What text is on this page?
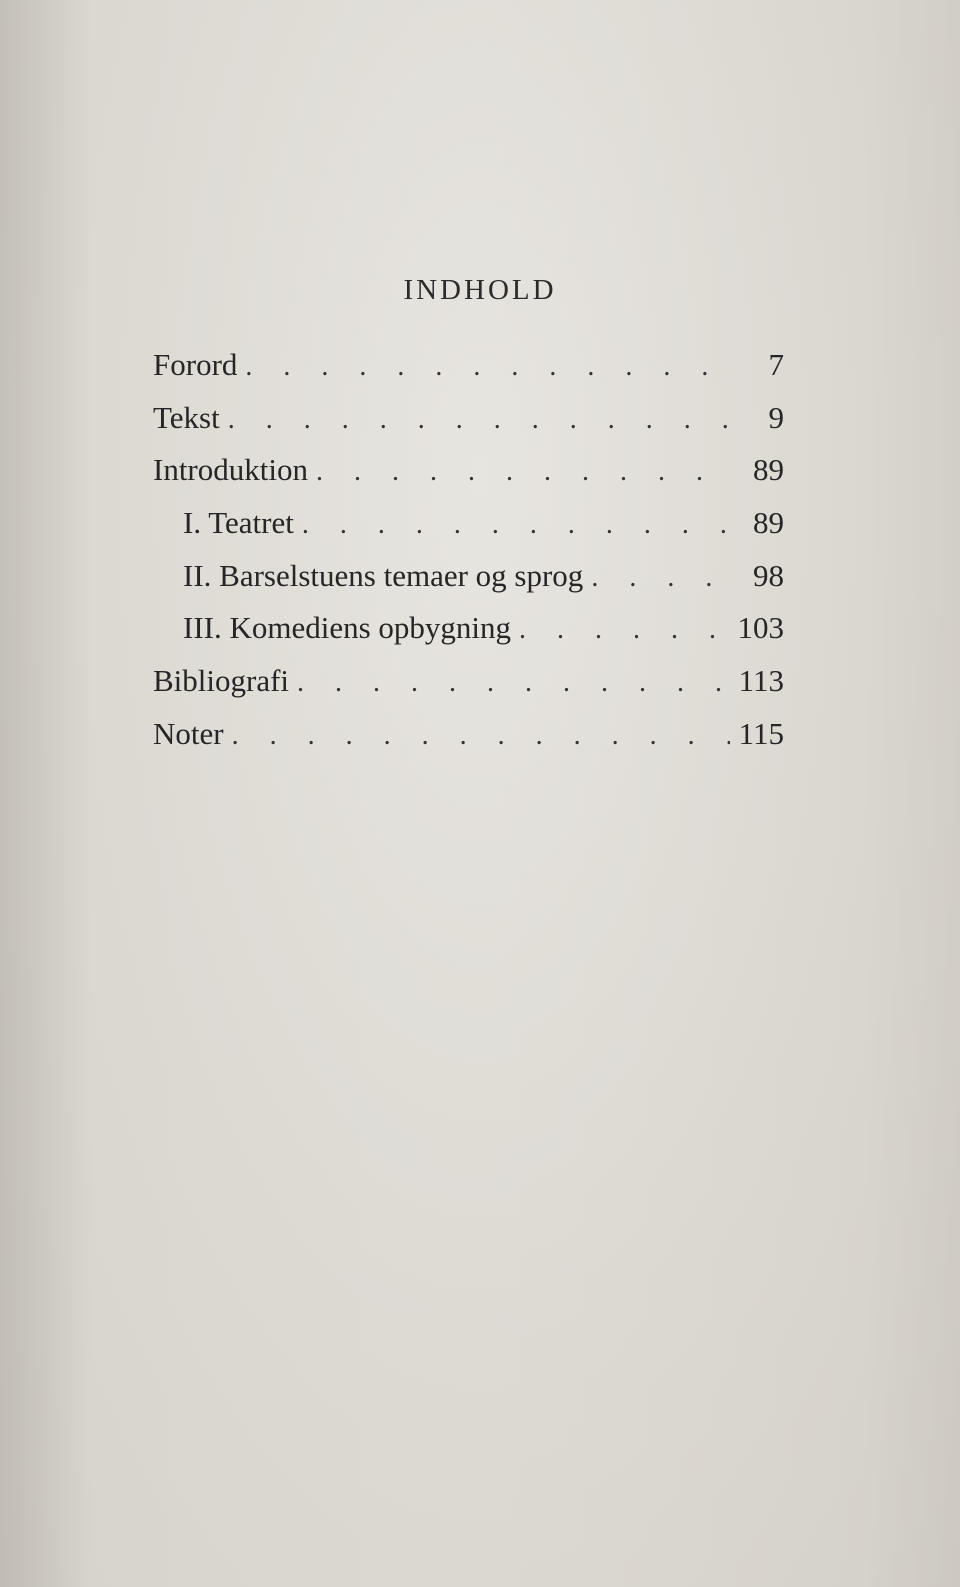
INDHOLD
Forord . . .	7
Tekst . . .	9
Introduktion . . .	89
I. Teatret . . .	89
II. Barselstuens temaer og sprog . . .	98
III. Komediens opbygning . . .	103
Bibliografi . . .	113
Noter . . .	115
